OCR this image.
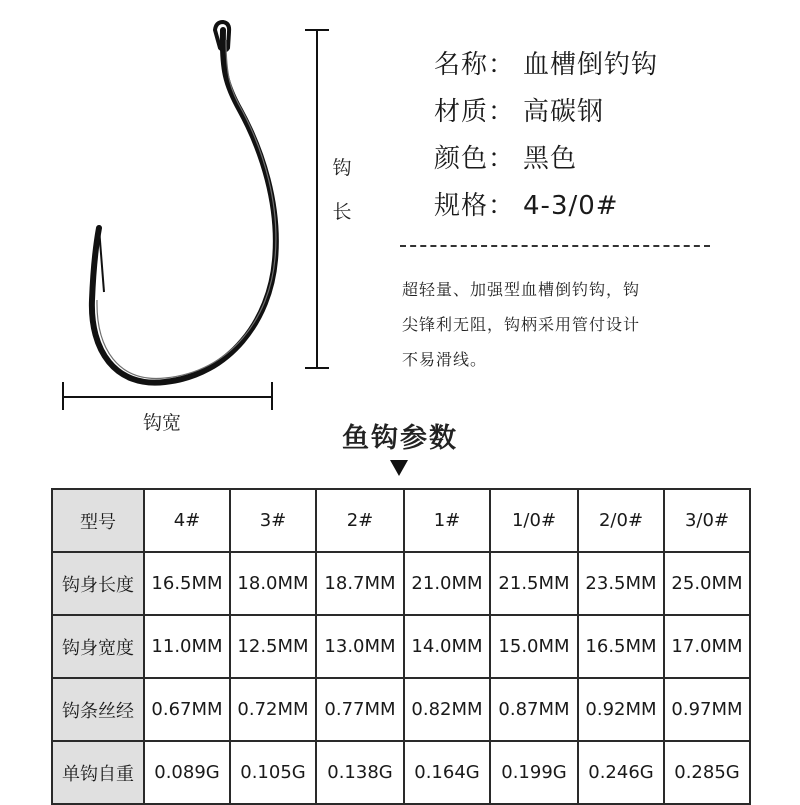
钩
长
钩宽
名称： 血槽倒钓钩
材质： 高碳钢
颜色： 黑色
规格： 4-3/0#
超轻量、加强型血槽倒钓钩，钩
尖锋利无阻，钩柄采用管付设计
不易滑线。
鱼钩参数
型号	4#	3#	2#	1#	1/0#	2/0#	3/0#
钩身长度	16.5MM	18.0MM	18.7MM	21.0MM	21.5MM	23.5MM	25.0MM
钩身宽度	11.0MM	12.5MM	13.0MM	14.0MM	15.0MM	16.5MM	17.0MM
钩条丝经	0.67MM	0.72MM	0.77MM	0.82MM	0.87MM	0.92MM	0.97MM
单钩自重	0.089G	0.105G	0.138G	0.164G	0.199G	0.246G	0.285G
